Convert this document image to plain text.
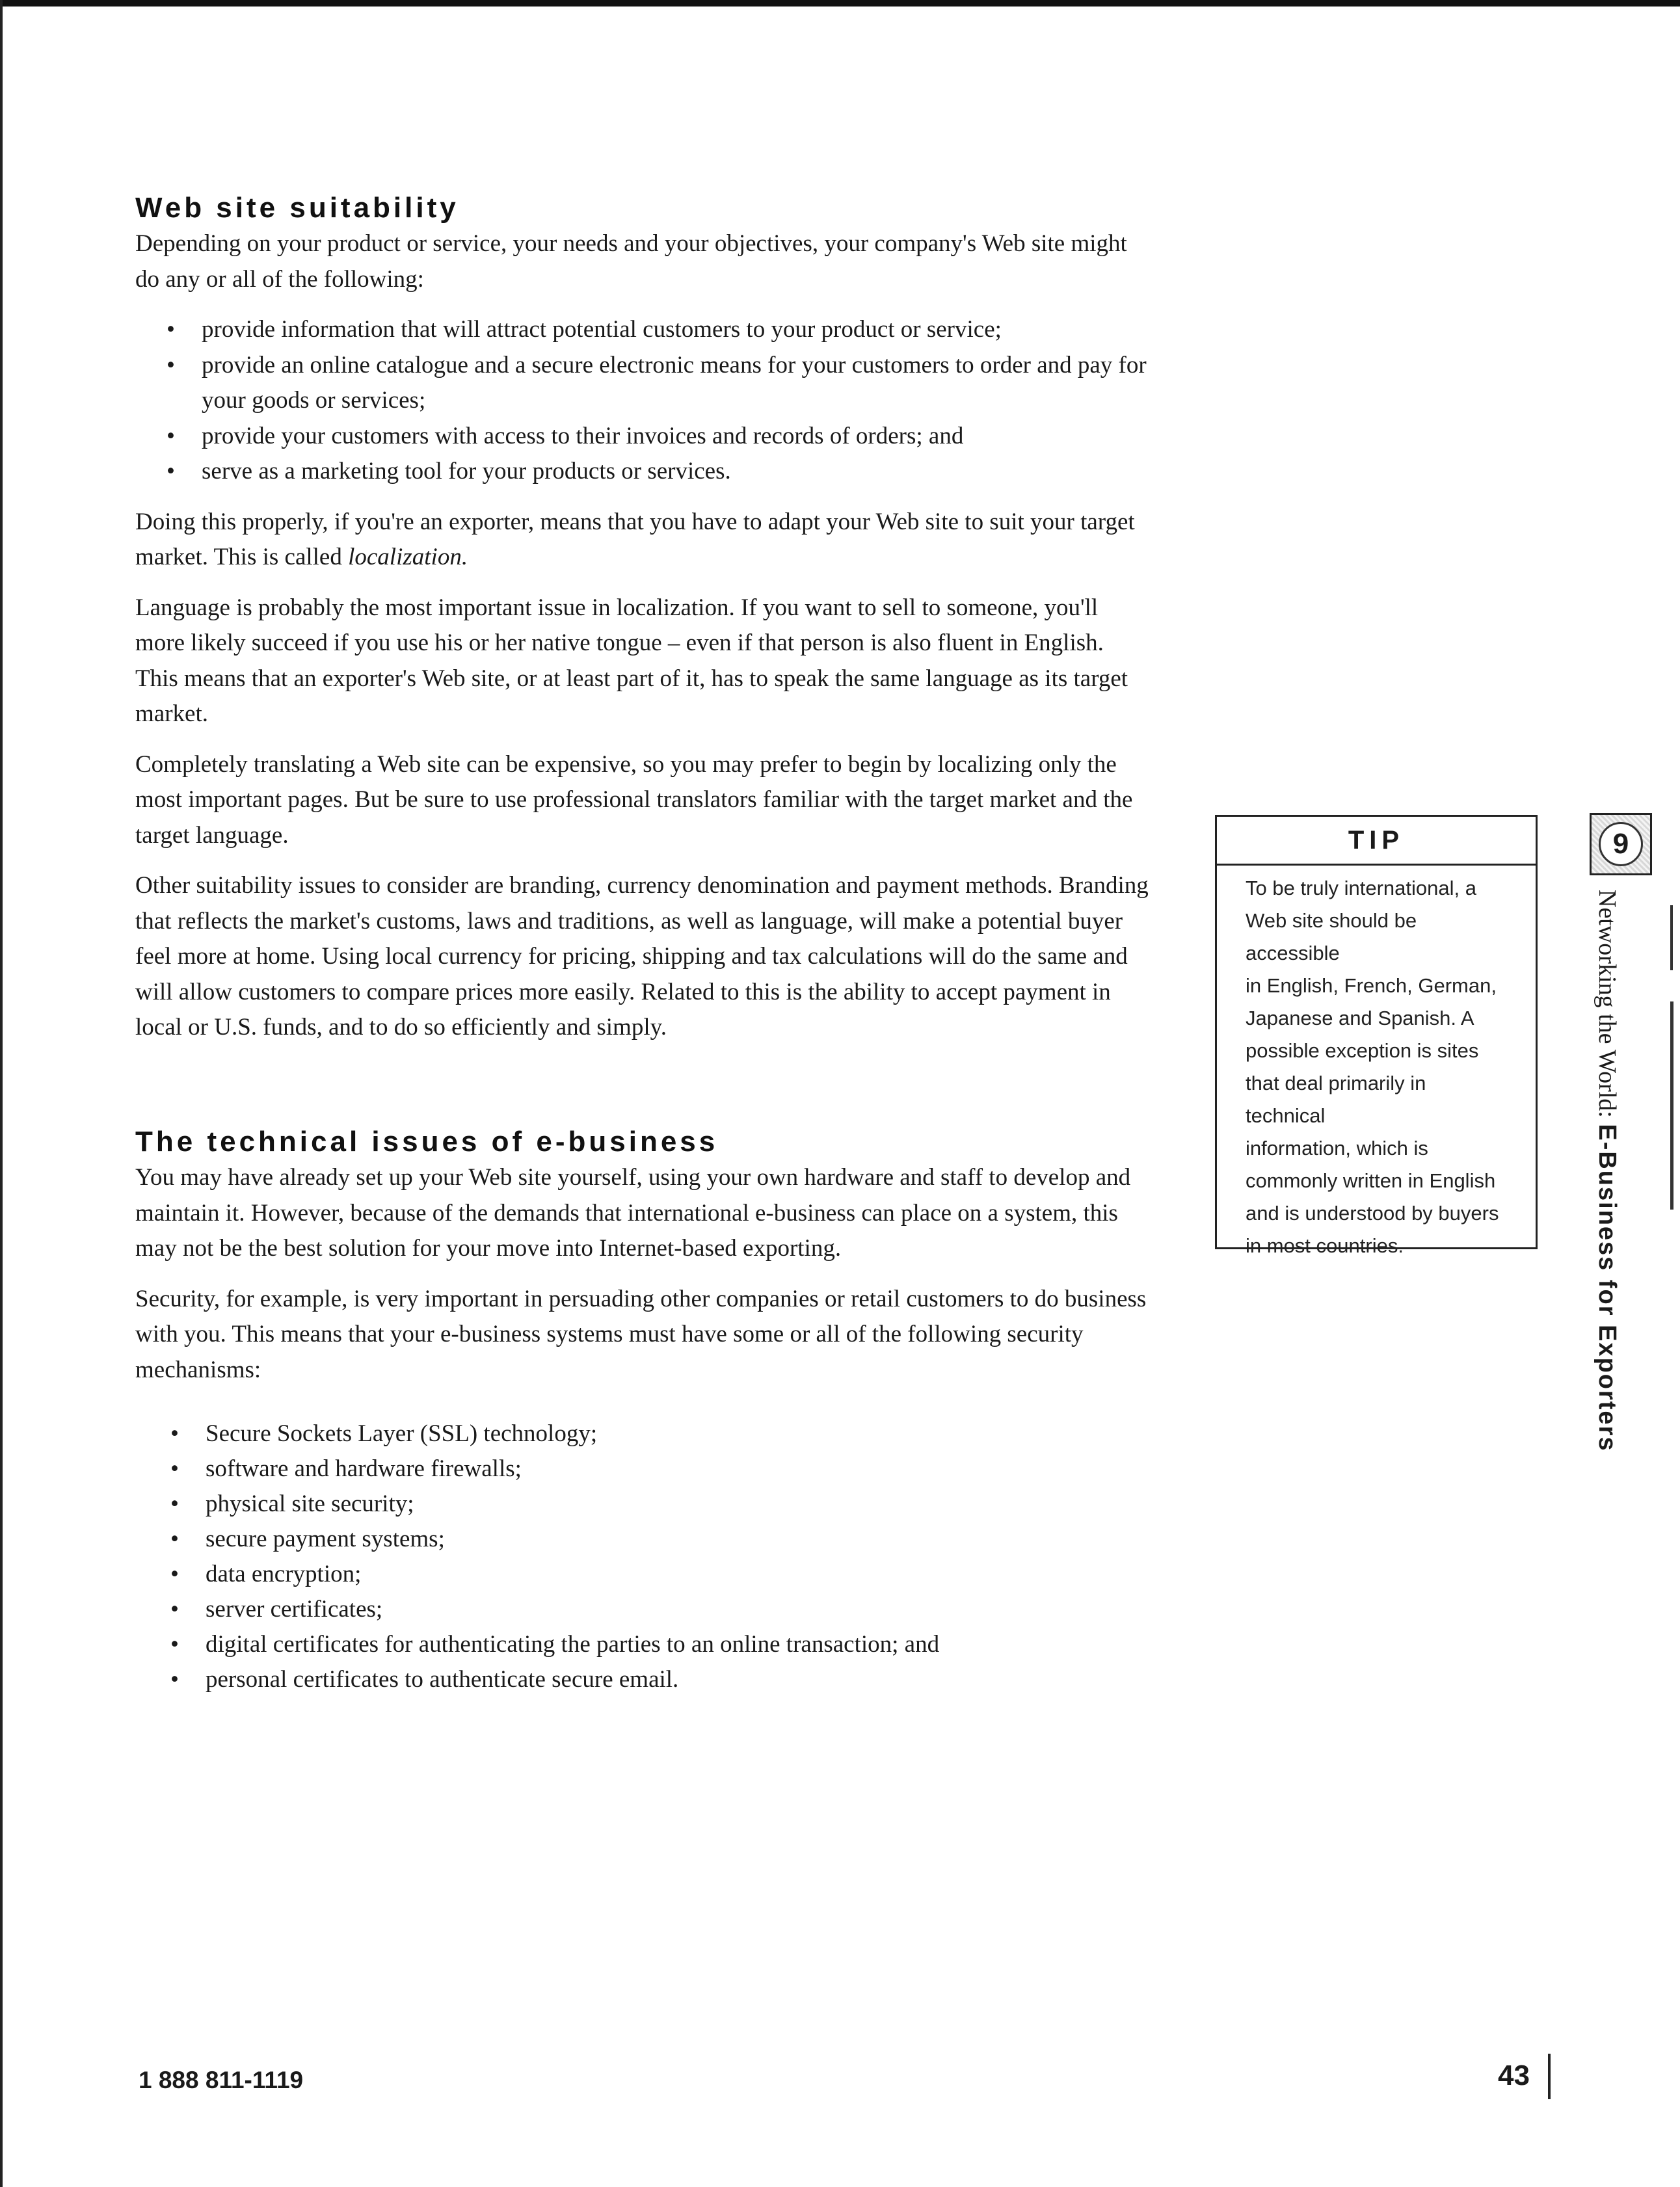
Web site suitability

Depending on your product or service, your needs and your objectives, your company's Web site might do any or all of the following:

• provide information that will attract potential customers to your product or service;
• provide an online catalogue and a secure electronic means for your customers to order and pay for your goods or services;
• provide your customers with access to their invoices and records of orders; and
• serve as a marketing tool for your products or services.

Doing this properly, if you're an exporter, means that you have to adapt your Web site to suit your target market. This is called localization.

Language is probably the most important issue in localization. If you want to sell to someone, you'll more likely succeed if you use his or her native tongue – even if that person is also fluent in English. This means that an exporter's Web site, or at least part of it, has to speak the same language as its target market.

Completely translating a Web site can be expensive, so you may prefer to begin by localizing only the most important pages. But be sure to use professional translators familiar with the target market and the target language.

Other suitability issues to consider are branding, currency denomination and payment methods. Branding that reflects the market's customs, laws and traditions, as well as language, will make a potential buyer feel more at home. Using local currency for pricing, shipping and tax calculations will do the same and will allow customers to compare prices more easily. Related to this is the ability to accept payment in local or U.S. funds, and to do so efficiently and simply.

The technical issues of e-business

You may have already set up your Web site yourself, using your own hardware and staff to develop and maintain it. However, because of the demands that international e-business can place on a system, this may not be the best solution for your move into Internet-based exporting.

Security, for example, is very important in persuading other companies or retail customers to do business with you. This means that your e-business systems must have some or all of the following security mechanisms:

• Secure Sockets Layer (SSL) technology;
• software and hardware firewalls;
• physical site security;
• secure payment systems;
• data encryption;
• server certificates;
• digital certificates for authenticating the parties to an online transaction; and
• personal certificates to authenticate secure email.
TIP
To be truly international, a
Web site should be accessible
in English, French, German,
Japanese and Spanish. A
possible exception is sites
that deal primarily in technical
information, which is
commonly written in English
and is understood by buyers
in most countries.
9
Networking the World: E-Business for Exporters
1 888 811-1119	43
